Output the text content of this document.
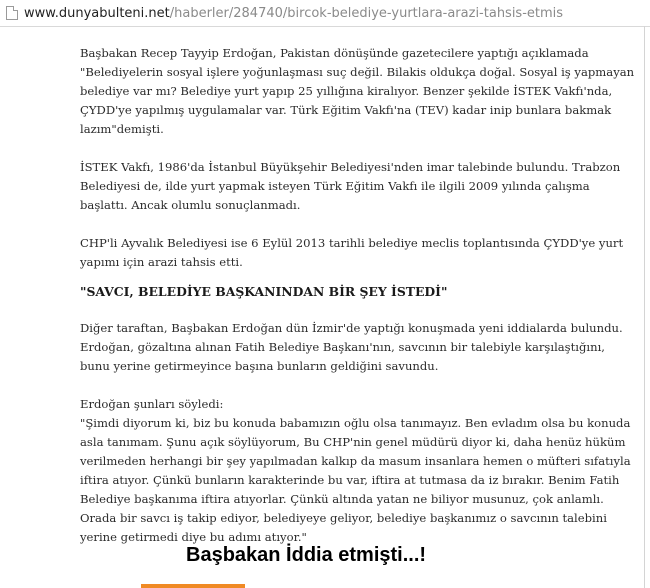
www.dunyabulteni.net /haberler/284740/bircok-belediye-yurtlara-arazi-tahsis-etmis

Başbakan Recep Tayyip Erdoğan, Pakistan dönüşünde gazetecilere yaptığı açıklamada "Belediyelerin sosyal işlere yoğunlaşması suç değil. Bilakis oldukça doğal. Sosyal iş yapmayan belediye var mı? Belediye yurt yapıp 25 yıllığına kiralıyor. Benzer şekilde İSTEK Vakfı'nda, ÇYDD'ye yapılmış uygulamalar var. Türk Eğitim Vakfı'na (TEV) kadar inip bunlara bakmak lazım"demişti.

İSTEK Vakfı, 1986'da İstanbul Büyükşehir Belediyesi'nden imar talebinde bulundu. Trabzon Belediyesi de, ilde yurt yapmak isteyen Türk Eğitim Vakfı ile ilgili 2009 yılında çalışma başlattı. Ancak olumlu sonuçlanmadı.

CHP'li Ayvalık Belediyesi ise 6 Eylül 2013 tarihli belediye meclis toplantısında ÇYDD'ye yurt yapımı için arazi tahsis etti.

"SAVCI, BELEDİYE BAŞKANINDAN BİR ŞEY İSTEDİ"

Diğer taraftan, Başbakan Erdoğan dün İzmir'de yaptığı konuşmada yeni iddialarda bulundu. Erdoğan, gözaltına alınan Fatih Belediye Başkanı'nın, savcının bir talebiyle karşılaştığını, bunu yerine getirmeyince başına bunların geldiğini savundu.

Erdoğan şunları söyledi:
"Şimdi diyorum ki, biz bu konuda babamızın oğlu olsa tanımayız. Ben evladım olsa bu konuda asla tanımam. Şunu açık söylüyorum, Bu CHP'nin genel müdürü diyor ki, daha henüz hüküm verilmeden herhangi bir şey yapılmadan kalkıp da masum insanlara hemen o müfteri sıfatıyla iftira atıyor. Çünkü bunların karakterinde bu var, iftira at tutmasa da iz bırakır. Benim Fatih Belediye başkanıma iftira atıyorlar. Çünkü altında yatan ne biliyor musunuz, çok anlamlı. Orada bir savcı iş takip ediyor, belediyeye geliyor, belediye başkanımız o savcının talebini yerine getirmedi diye bu adımı atıyor."

Başbakan İddia etmişti...!
